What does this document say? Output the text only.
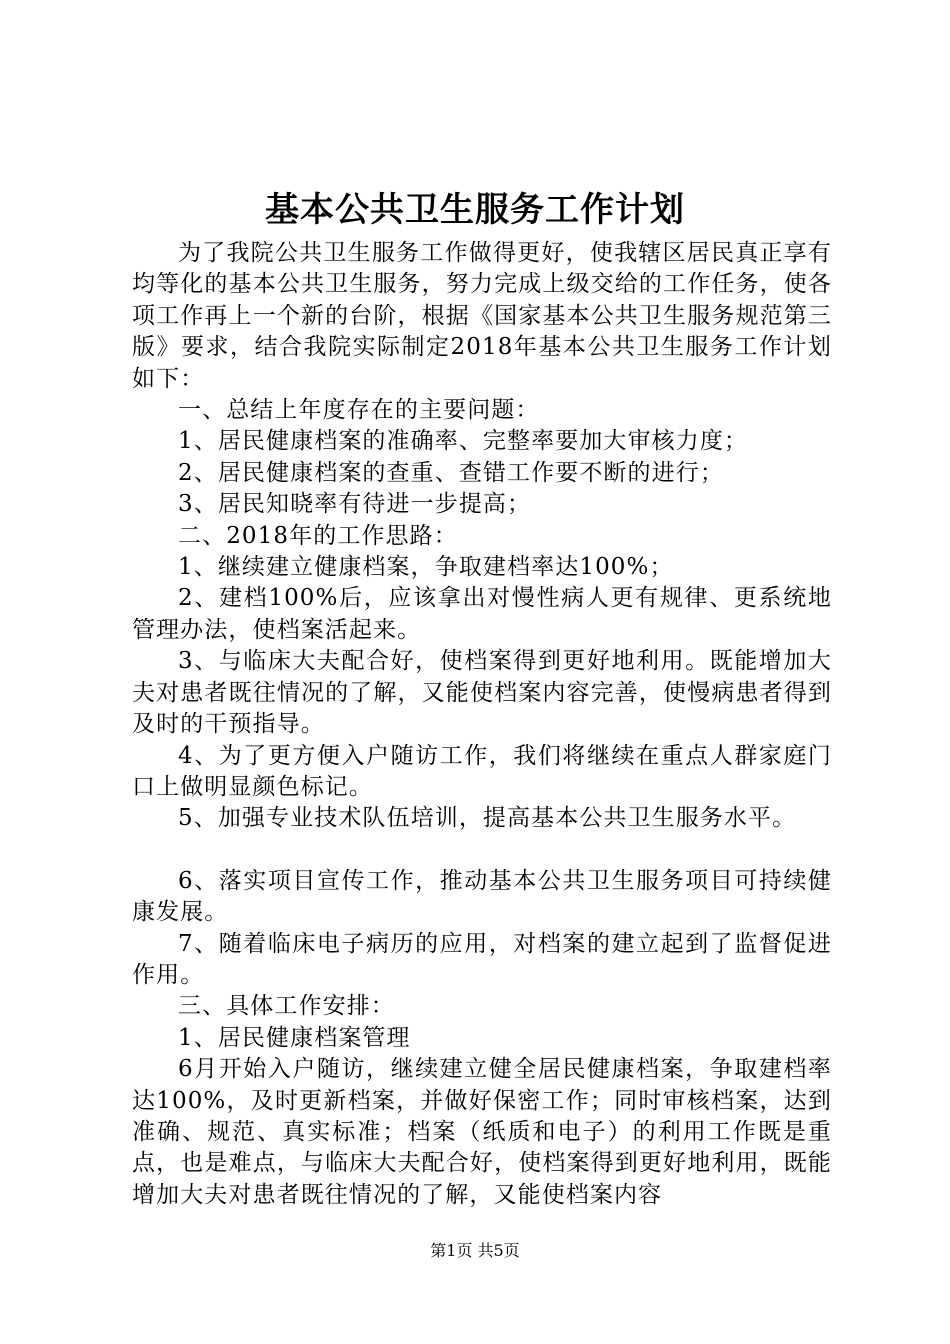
基本公共卫生服务工作计划

为了我院公共卫生服务工作做得更好，使我辖区居民真正享有均等化的基本公共卫生服务，努力完成上级交给的工作任务，使各项工作再上一个新的台阶，根据《国家基本公共卫生服务规范第三版》要求，结合我院实际制定2018年基本公共卫生服务工作计划如下：

一、总结上年度存在的主要问题：

1、居民健康档案的准确率、完整率要加大审核力度；

2、居民健康档案的查重、查错工作要不断的进行；

3、居民知晓率有待进一步提高；

二、2018年的工作思路：

1、继续建立健康档案，争取建档率达100%；

2、建档100%后，应该拿出对慢性病人更有规律、更系统地管理办法，使档案活起来。

3、与临床大夫配合好，使档案得到更好地利用。既能增加大夫对患者既往情况的了解，又能使档案内容完善，使慢病患者得到及时的干预指导。

4、为了更方便入户随访工作，我们将继续在重点人群家庭门口上做明显颜色标记。

5、加强专业技术队伍培训，提高基本公共卫生服务水平。

6、落实项目宣传工作，推动基本公共卫生服务项目可持续健康发展。

7、随着临床电子病历的应用，对档案的建立起到了监督促进作用。

三、具体工作安排：

1、居民健康档案管理

6月开始入户随访，继续建立健全居民健康档案，争取建档率达100%，及时更新档案，并做好保密工作；同时审核档案，达到准确、规范、真实标准；档案（纸质和电子）的利用工作既是重点，也是难点，与临床大夫配合好，使档案得到更好地利用，既能增加大夫对患者既往情况的了解，又能使档案内容

第1页 共5页
